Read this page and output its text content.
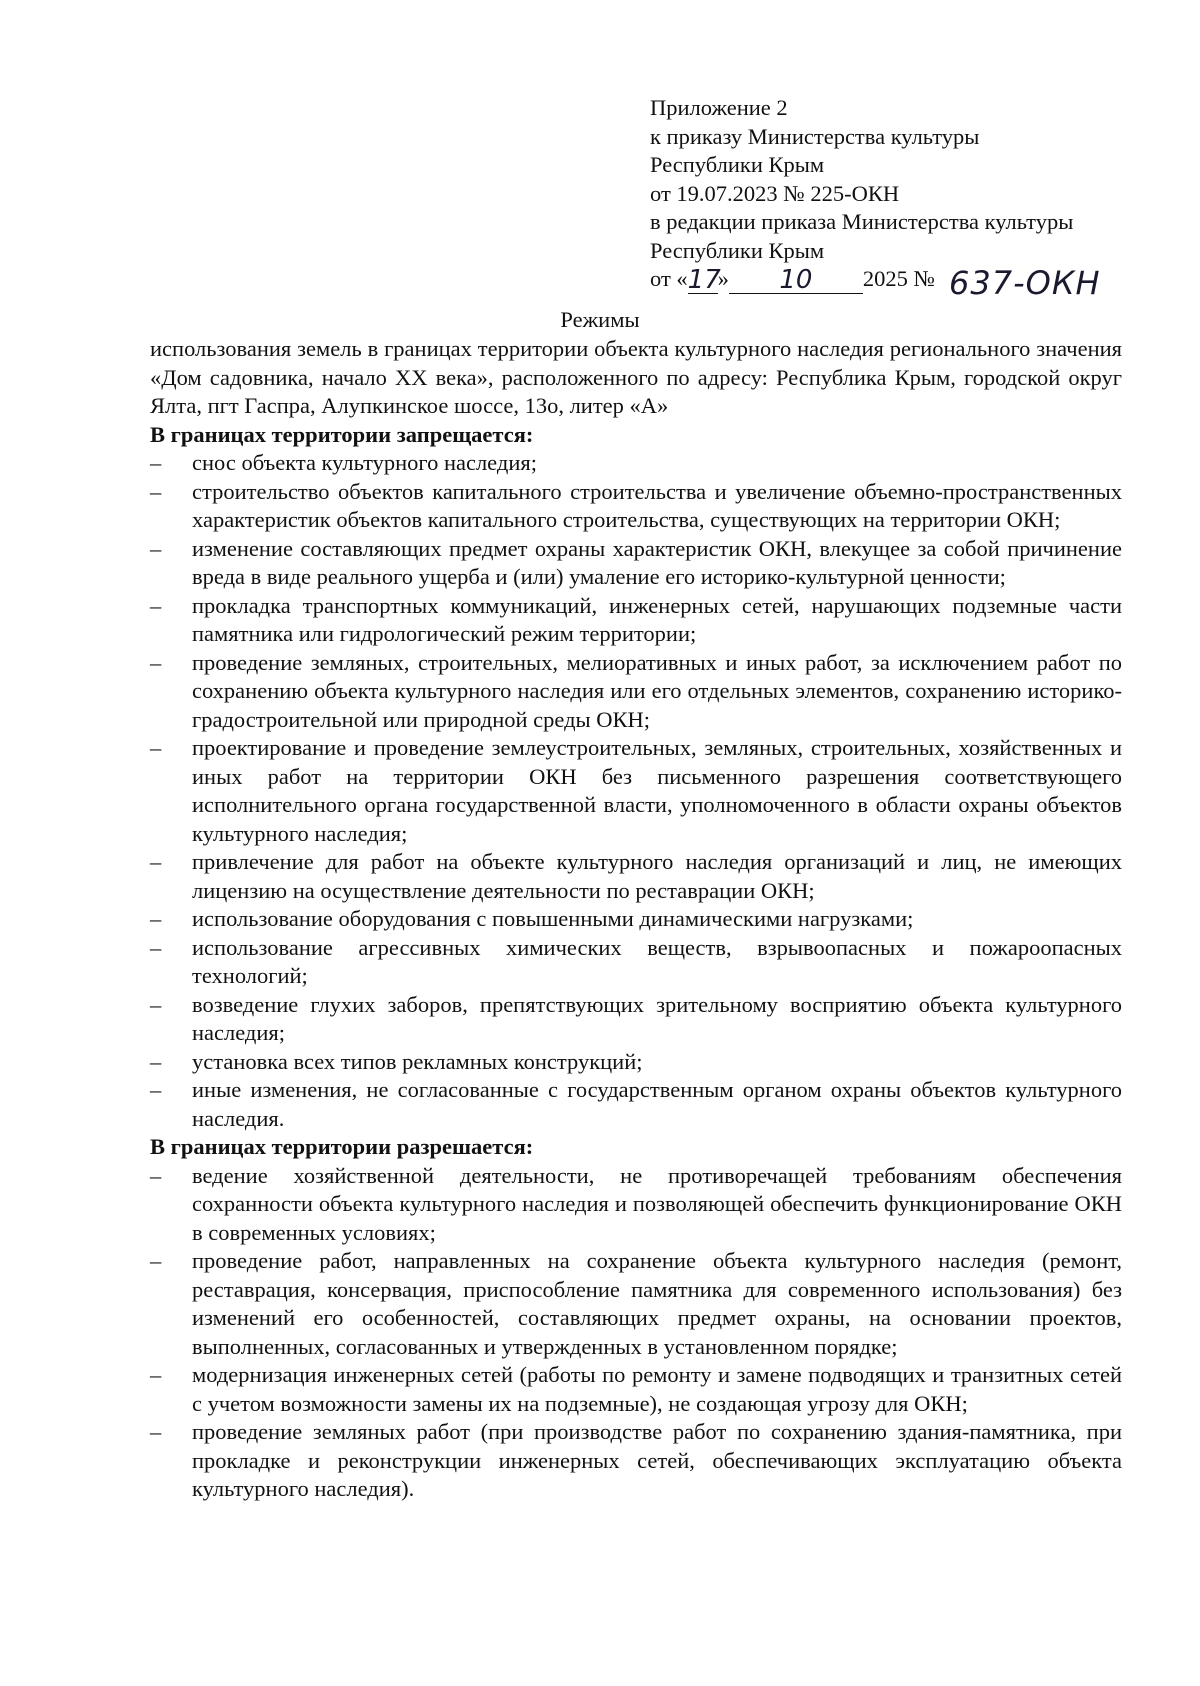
Приложение 2
к приказу Министерства культуры
Республики Крым
от 19.07.2023 № 225-ОКН
в редакции приказа Министерства культуры
Республики Крым
от « 17
»	10	2025 № 637-ОКН
Режимы
использования земель в границах территории объекта культурного наследия регионального значения «Дом садовника, начало XX века», расположенного по адресу: Республика Крым, городской округ Ялта, пгт Гаспра, Алупкинское шоссе, 13о, литер «А»
В границах территории запрещается:
– снос объекта культурного наследия;
– строительство объектов капитального строительства и увеличение объемно-пространственных характеристик объектов капитального строительства, существующих на территории ОКН;
– изменение составляющих предмет охраны характеристик ОКН, влекущее за собой причинение вреда в виде реального ущерба и (или) умаление его историко-культурной ценности;
– прокладка транспортных коммуникаций, инженерных сетей, нарушающих подземные части памятника или гидрологический режим территории;
– проведение земляных, строительных, мелиоративных и иных работ, за исключением работ по сохранению объекта культурного наследия или его отдельных элементов, сохранению историко-градостроительной или природной среды ОКН;
– проектирование и проведение землеустроительных, земляных, строительных, хозяйственных и иных работ на территории ОКН без письменного разрешения соответствующего исполнительного органа государственной власти, уполномоченного в области охраны объектов культурного наследия;
– привлечение для работ на объекте культурного наследия организаций и лиц, не имеющих лицензию на осуществление деятельности по реставрации ОКН;
– использование оборудования с повышенными динамическими нагрузками;
– использование агрессивных химических веществ, взрывоопасных и пожароопасных технологий;
– возведение глухих заборов, препятствующих зрительному восприятию объекта культурного наследия;
– установка всех типов рекламных конструкций;
– иные изменения, не согласованные с государственным органом охраны объектов культурного наследия.
В границах территории разрешается:
– ведение хозяйственной деятельности, не противоречащей требованиям обеспечения сохранности объекта культурного наследия и позволяющей обеспечить функционирование ОКН в современных условиях;
– проведение работ, направленных на сохранение объекта культурного наследия (ремонт, реставрация, консервация, приспособление памятника для современного использования) без изменений его особенностей, составляющих предмет охраны, на основании проектов, выполненных, согласованных и утвержденных в установленном порядке;
– модернизация инженерных сетей (работы по ремонту и замене подводящих и транзитных сетей с учетом возможности замены их на подземные), не создающая угрозу для ОКН;
– проведение земляных работ (при производстве работ по сохранению здания-памятника, при прокладке и реконструкции инженерных сетей, обеспечивающих эксплуатацию объекта культурного наследия).
